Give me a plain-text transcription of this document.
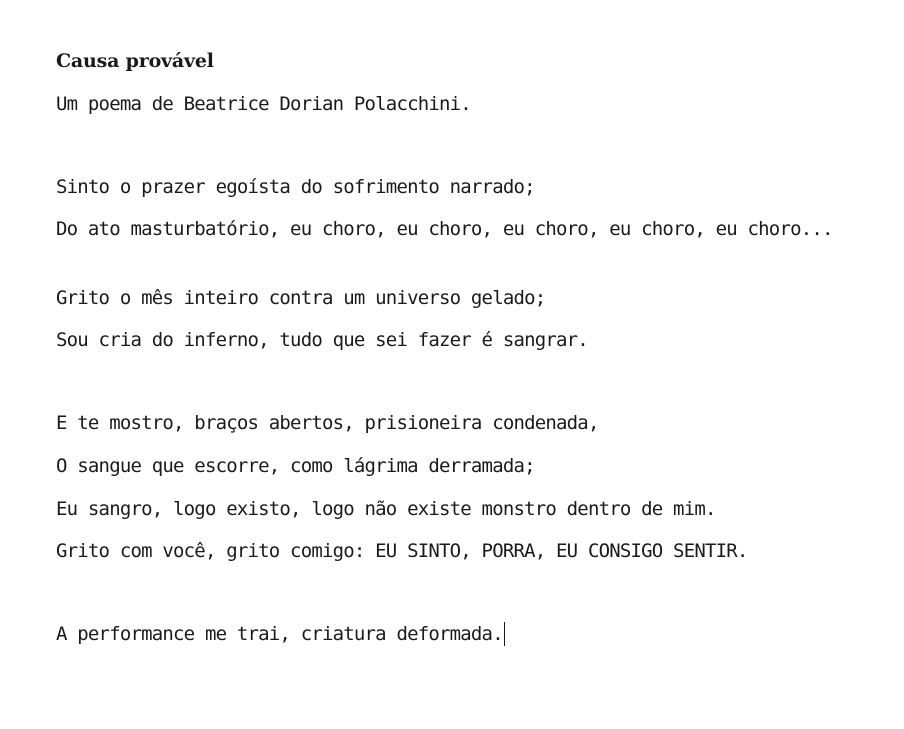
Causa provável
Um poema de Beatrice Dorian Polacchini.
Sinto o prazer egoísta do sofrimento narrado;
Do ato masturbatório, eu choro, eu choro, eu choro, eu choro, eu choro...
Grito o mês inteiro contra um universo gelado;
Sou cria do inferno, tudo que sei fazer é sangrar.
E te mostro, braços abertos, prisioneira condenada,
O sangue que escorre, como lágrima derramada;
Eu sangro, logo existo, logo não existe monstro dentro de mim.
Grito com você, grito comigo: EU SINTO, PORRA, EU CONSIGO SENTIR.
A performance me trai, criatura deformada.
